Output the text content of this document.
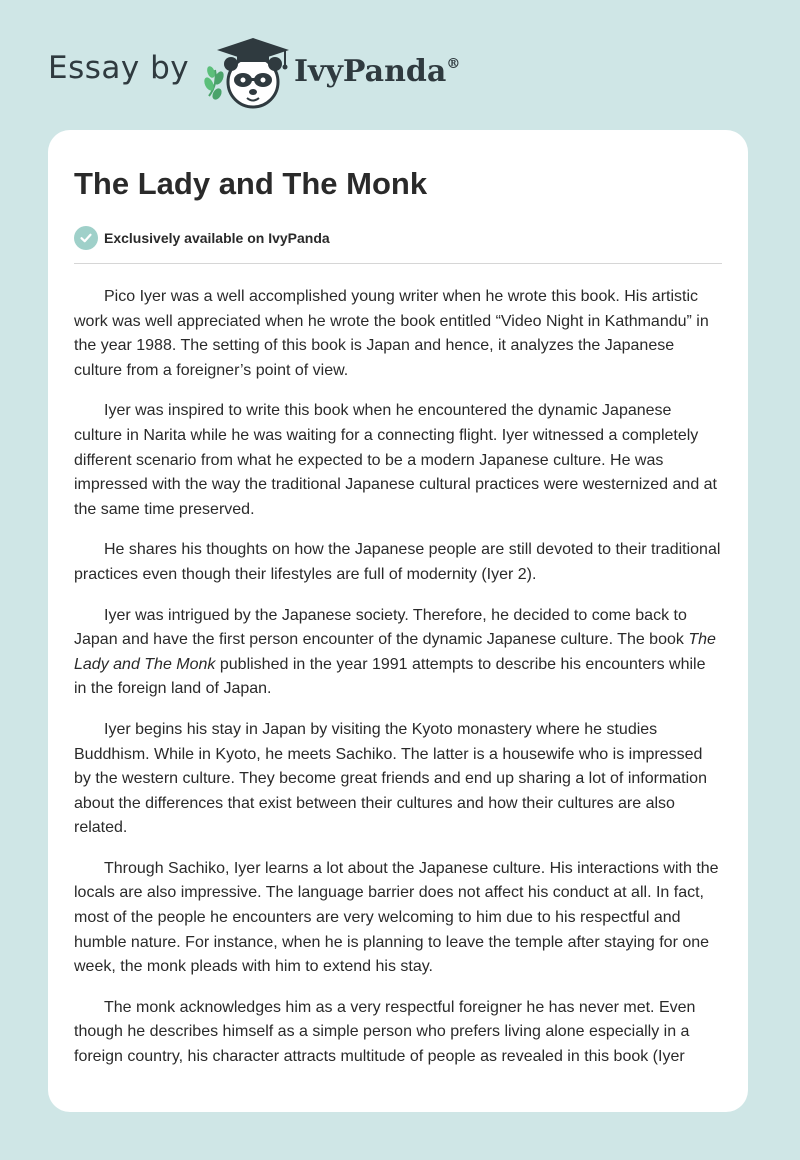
Essay by	IvyPanda®
The Lady and The Monk
Exclusively available on IvyPanda

Pico Iyer was a well accomplished young writer when he wrote this book. His artistic work was well appreciated when he wrote the book entitled “Video Night in Kathmandu” in the year 1988. The setting of this book is Japan and hence, it analyzes the Japanese culture from a foreigner’s point of view.

Iyer was inspired to write this book when he encountered the dynamic Japanese culture in Narita while he was waiting for a connecting flight. Iyer witnessed a completely different scenario from what he expected to be a modern Japanese culture. He was impressed with the way the traditional Japanese cultural practices were westernized and at the same time preserved.

He shares his thoughts on how the Japanese people are still devoted to their traditional practices even though their lifestyles are full of modernity (Iyer 2).

Iyer was intrigued by the Japanese society. Therefore, he decided to come back to Japan and have the first person encounter of the dynamic Japanese culture. The book The Lady and The Monk published in the year 1991 attempts to describe his encounters while in the foreign land of Japan.

Iyer begins his stay in Japan by visiting the Kyoto monastery where he studies Buddhism. While in Kyoto, he meets Sachiko. The latter is a housewife who is impressed by the western culture. They become great friends and end up sharing a lot of information about the differences that exist between their cultures and how their cultures are also related.

Through Sachiko, Iyer learns a lot about the Japanese culture. His interactions with the locals are also impressive. The language barrier does not affect his conduct at all. In fact, most of the people he encounters are very welcoming to him due to his respectful and humble nature. For instance, when he is planning to leave the temple after staying for one week, the monk pleads with him to extend his stay.

The monk acknowledges him as a very respectful foreigner he has never met. Even though he describes himself as a simple person who prefers living alone especially in a foreign country, his character attracts multitude of people as revealed in this book (Iyer
